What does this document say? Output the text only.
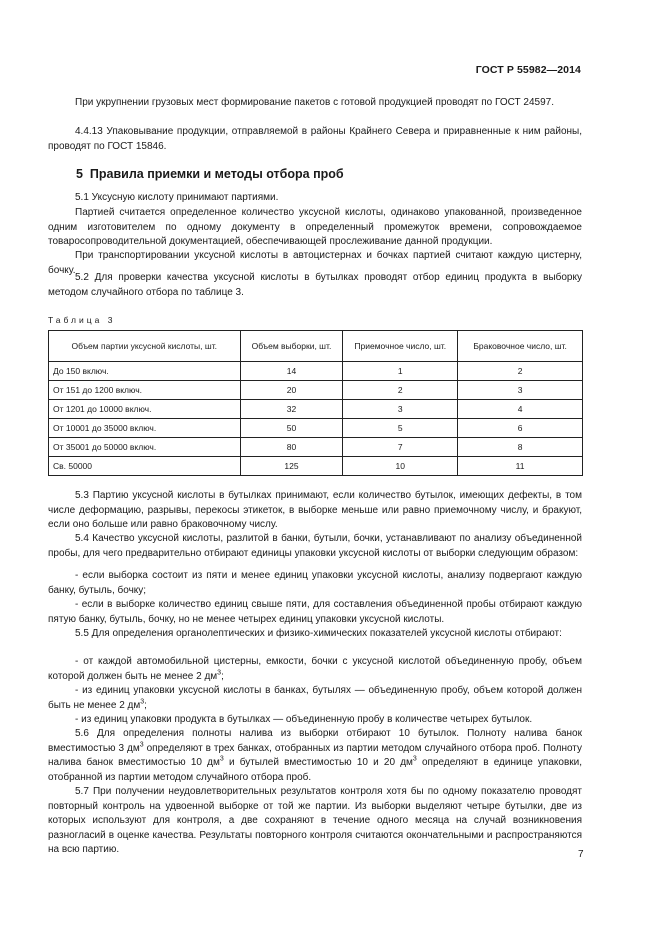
ГОСТ Р 55982—2014

При укрупнении грузовых мест формирование пакетов с готовой продукцией проводят по ГОСТ 24597.

4.4.13 Упаковывание продукции, отправляемой в районы Крайнего Севера и приравненные к ним районы, проводят по ГОСТ 15846.

5 Правила приемки и методы отбора проб

5.1 Уксусную кислоту принимают партиями.

Партией считается определенное количество уксусной кислоты, одинаково упакованной, произведенное одним изготовителем по одному документу в определенный промежуток времени, сопровождаемое товаросопроводительной документацией, обеспечивающей прослеживание данной продукции.

При транспортировании уксусной кислоты в автоцистернах и бочках партией считают каждую цистерну, бочку.

5.2 Для проверки качества уксусной кислоты в бутылках проводят отбор единиц продукта в выборку методом случайного отбора по таблице 3.

Таблица 3
Объем партии уксусной кислоты, шт.	Объем выборки, шт.	Приемочное число, шт.	Браковочное число, шт.
До 150 включ.	14	1	2
От 151 до 1200 включ.	20	2	3
От 1201 до 10000 включ.	32	3	4
От 10001 до 35000 включ.	50	5	6
От 35001 до 50000 включ.	80	7	8
Св. 50000	125	10	11

5.3 Партию уксусной кислоты в бутылках принимают, если количество бутылок, имеющих дефекты, в том числе деформацию, разрывы, перекосы этикеток, в выборке меньше или равно приемочному числу, и бракуют, если оно больше или равно браковочному числу.

5.4 Качество уксусной кислоты, разлитой в банки, бутыли, бочки, устанавливают по анализу объединенной пробы, для чего предварительно отбирают единицы упаковки уксусной кислоты от выборки следующим образом:

- если выборка состоит из пяти и менее единиц упаковки уксусной кислоты, анализу подвергают каждую банку, бутыль, бочку;

- если в выборке количество единиц свыше пяти, для составления объединенной пробы отбирают каждую пятую банку, бутыль, бочку, но не менее четырех единиц упаковки уксусной кислоты.

5.5 Для определения органолептических и физико-химических показателей уксусной кислоты отбирают:

- от каждой автомобильной цистерны, емкости, бочки с уксусной кислотой объединенную пробу, объем которой должен быть не менее 2 $дм^3$;

- из единиц упаковки уксусной кислоты в банках, бутылях — объединенную пробу, объем которой должен быть не менее 2 $дм^3$;

- из единиц упаковки продукта в бутылках — объединенную пробу в количестве четырех бутылок.

5.6 Для определения полноты налива из выборки отбирают 10 бутылок. Полноту налива банок вместимостью 3 $дм^3$ определяют в трех банках, отобранных из партии методом случайного отбора проб. Полноту налива банок вместимостью 10 $дм^3$ и бутылей вместимостью 10 и 20 $дм^3$ определяют в единице упаковки, отобранной из партии методом случайного отбора проб.

5.7 При получении неудовлетворительных результатов контроля хотя бы по одному показателю проводят повторный контроль на удвоенной выборке от той же партии. Из выборки выделяют четыре бутылки, две из которых используют для контроля, а две сохраняют в течение одного месяца на случай возникновения разногласий в оценке качества. Результаты повторного контроля считаются окончательными и распространяются на всю партию.	7
